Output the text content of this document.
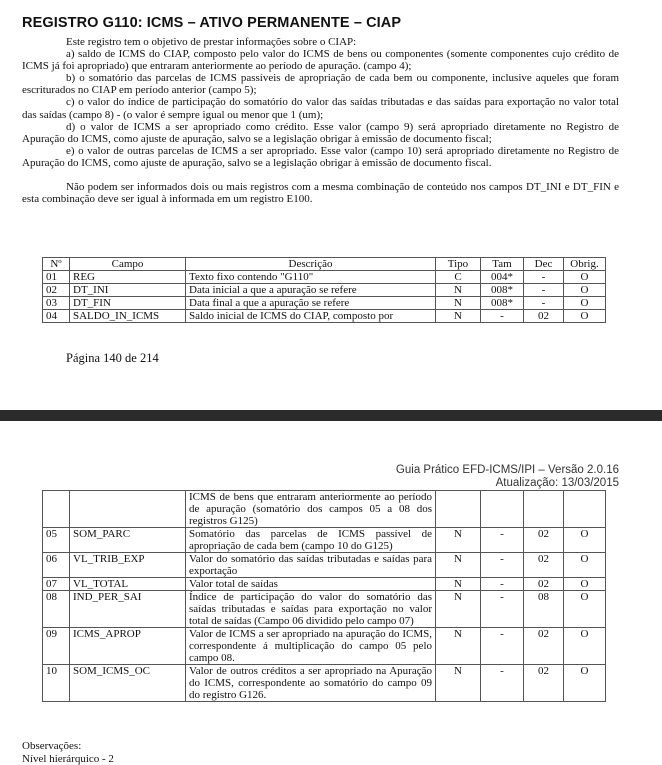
REGISTRO G110: ICMS – ATIVO PERMANENTE – CIAP

Este registro tem o objetivo de prestar informações sobre o CIAP:

a) saldo de ICMS do CIAP, composto pelo valor do ICMS de bens ou componentes (somente componentes cujo crédito de ICMS já foi apropriado) que entraram anteriormente ao período de apuração. (campo 4);

b) o somatório das parcelas de ICMS passíveis de apropriação de cada bem ou componente, inclusive aqueles que foram escriturados no CIAP em período anterior (campo 5);

c) o valor do índice de participação do somatório do valor das saídas tributadas e das saídas para exportação no valor total das saídas (campo 8) - (o valor é sempre igual ou menor que 1 (um);

d) o valor de ICMS a ser apropriado como crédito. Esse valor (campo 9) será apropriado diretamente no Registro de Apuração do ICMS, como ajuste de apuração, salvo se a legislação obrigar à emissão de documento fiscal;

e) o valor de outras parcelas de ICMS a ser apropriado. Esse valor (campo 10) será apropriado diretamente no Registro de Apuração do ICMS, como ajuste de apuração, salvo se a legislação obrigar à emissão de documento fiscal.

Não podem ser informados dois ou mais registros com a mesma combinação de conteúdo nos campos DT_INI e DT_FIN e esta combinação deve ser igual à informada em um registro E100.

Nº	Campo	Descrição	Tipo	Tam	Dec	Obrig.
01	REG	Texto fixo contendo "G110"	C	004*	-	O
02	DT_INI	Data inicial a que a apuração se refere	N	008*	-	O
03	DT_FIN	Data final a que a apuração se refere	N	008*	-	O
04	SALDO_IN_ICMS	Saldo inicial de ICMS do CIAP, composto por	N	-	02	O
Página 140 de 214
Guia Prático EFD-ICMS/IPI – Versão 2.0.16
Atualização: 13/03/2015
		ICMS de bens que entraram anteriormente ao período de apuração (somatório dos campos 05 a 08 dos registros G125)				
05	SOM_PARC	Somatório das parcelas de ICMS passível de apropriação de cada bem (campo 10 do G125)	N	-	02	O
06	VL_TRIB_EXP	Valor do somatório das saídas tributadas e saídas para exportação	N	-	02	O
07	VL_TOTAL	Valor total de saídas	N	-	02	O
08	IND_PER_SAI	Índice de participação do valor do somatório das saídas tributadas e saídas para exportação no valor total de saídas (Campo 06 dividido pelo campo 07)	N	-	08	O
09	ICMS_APROP	Valor de ICMS a ser apropriado na apuração do ICMS, correspondente á multiplicação do campo 05 pelo campo 08.	N	-	02	O
10	SOM_ICMS_OC	Valor de outros créditos a ser apropriado na Apuração do ICMS, correspondente ao somatório do campo 09 do registro G126.	N	-	02	O
Observações:
Nível hierárquico - 2
